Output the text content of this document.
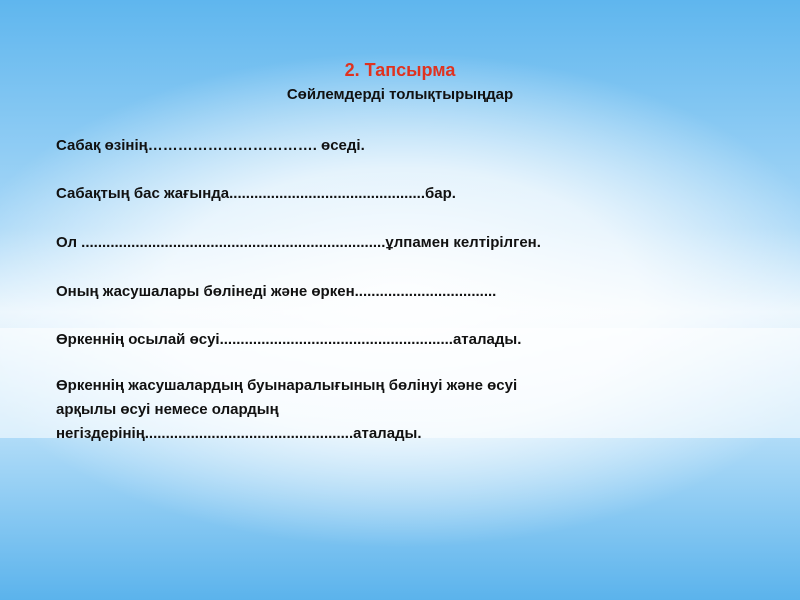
2. Тапсырма
Сөйлемдерді толықтырыңдар

Сабақ өзінің……………………………. өседі.

Сабақтың бас жағында...............................................бар.

Ол .........................................................................ұлпамен келтірілген.

Оның жасушалары бөлінеді және өркен..................................

Өркеннің осылай өсуі........................................................аталады.

Өркеннің жасушалардың буынаралығының бөлінуі және өсуі
арқылы өсуі немесе олардың
негіздерінің..................................................аталады.
